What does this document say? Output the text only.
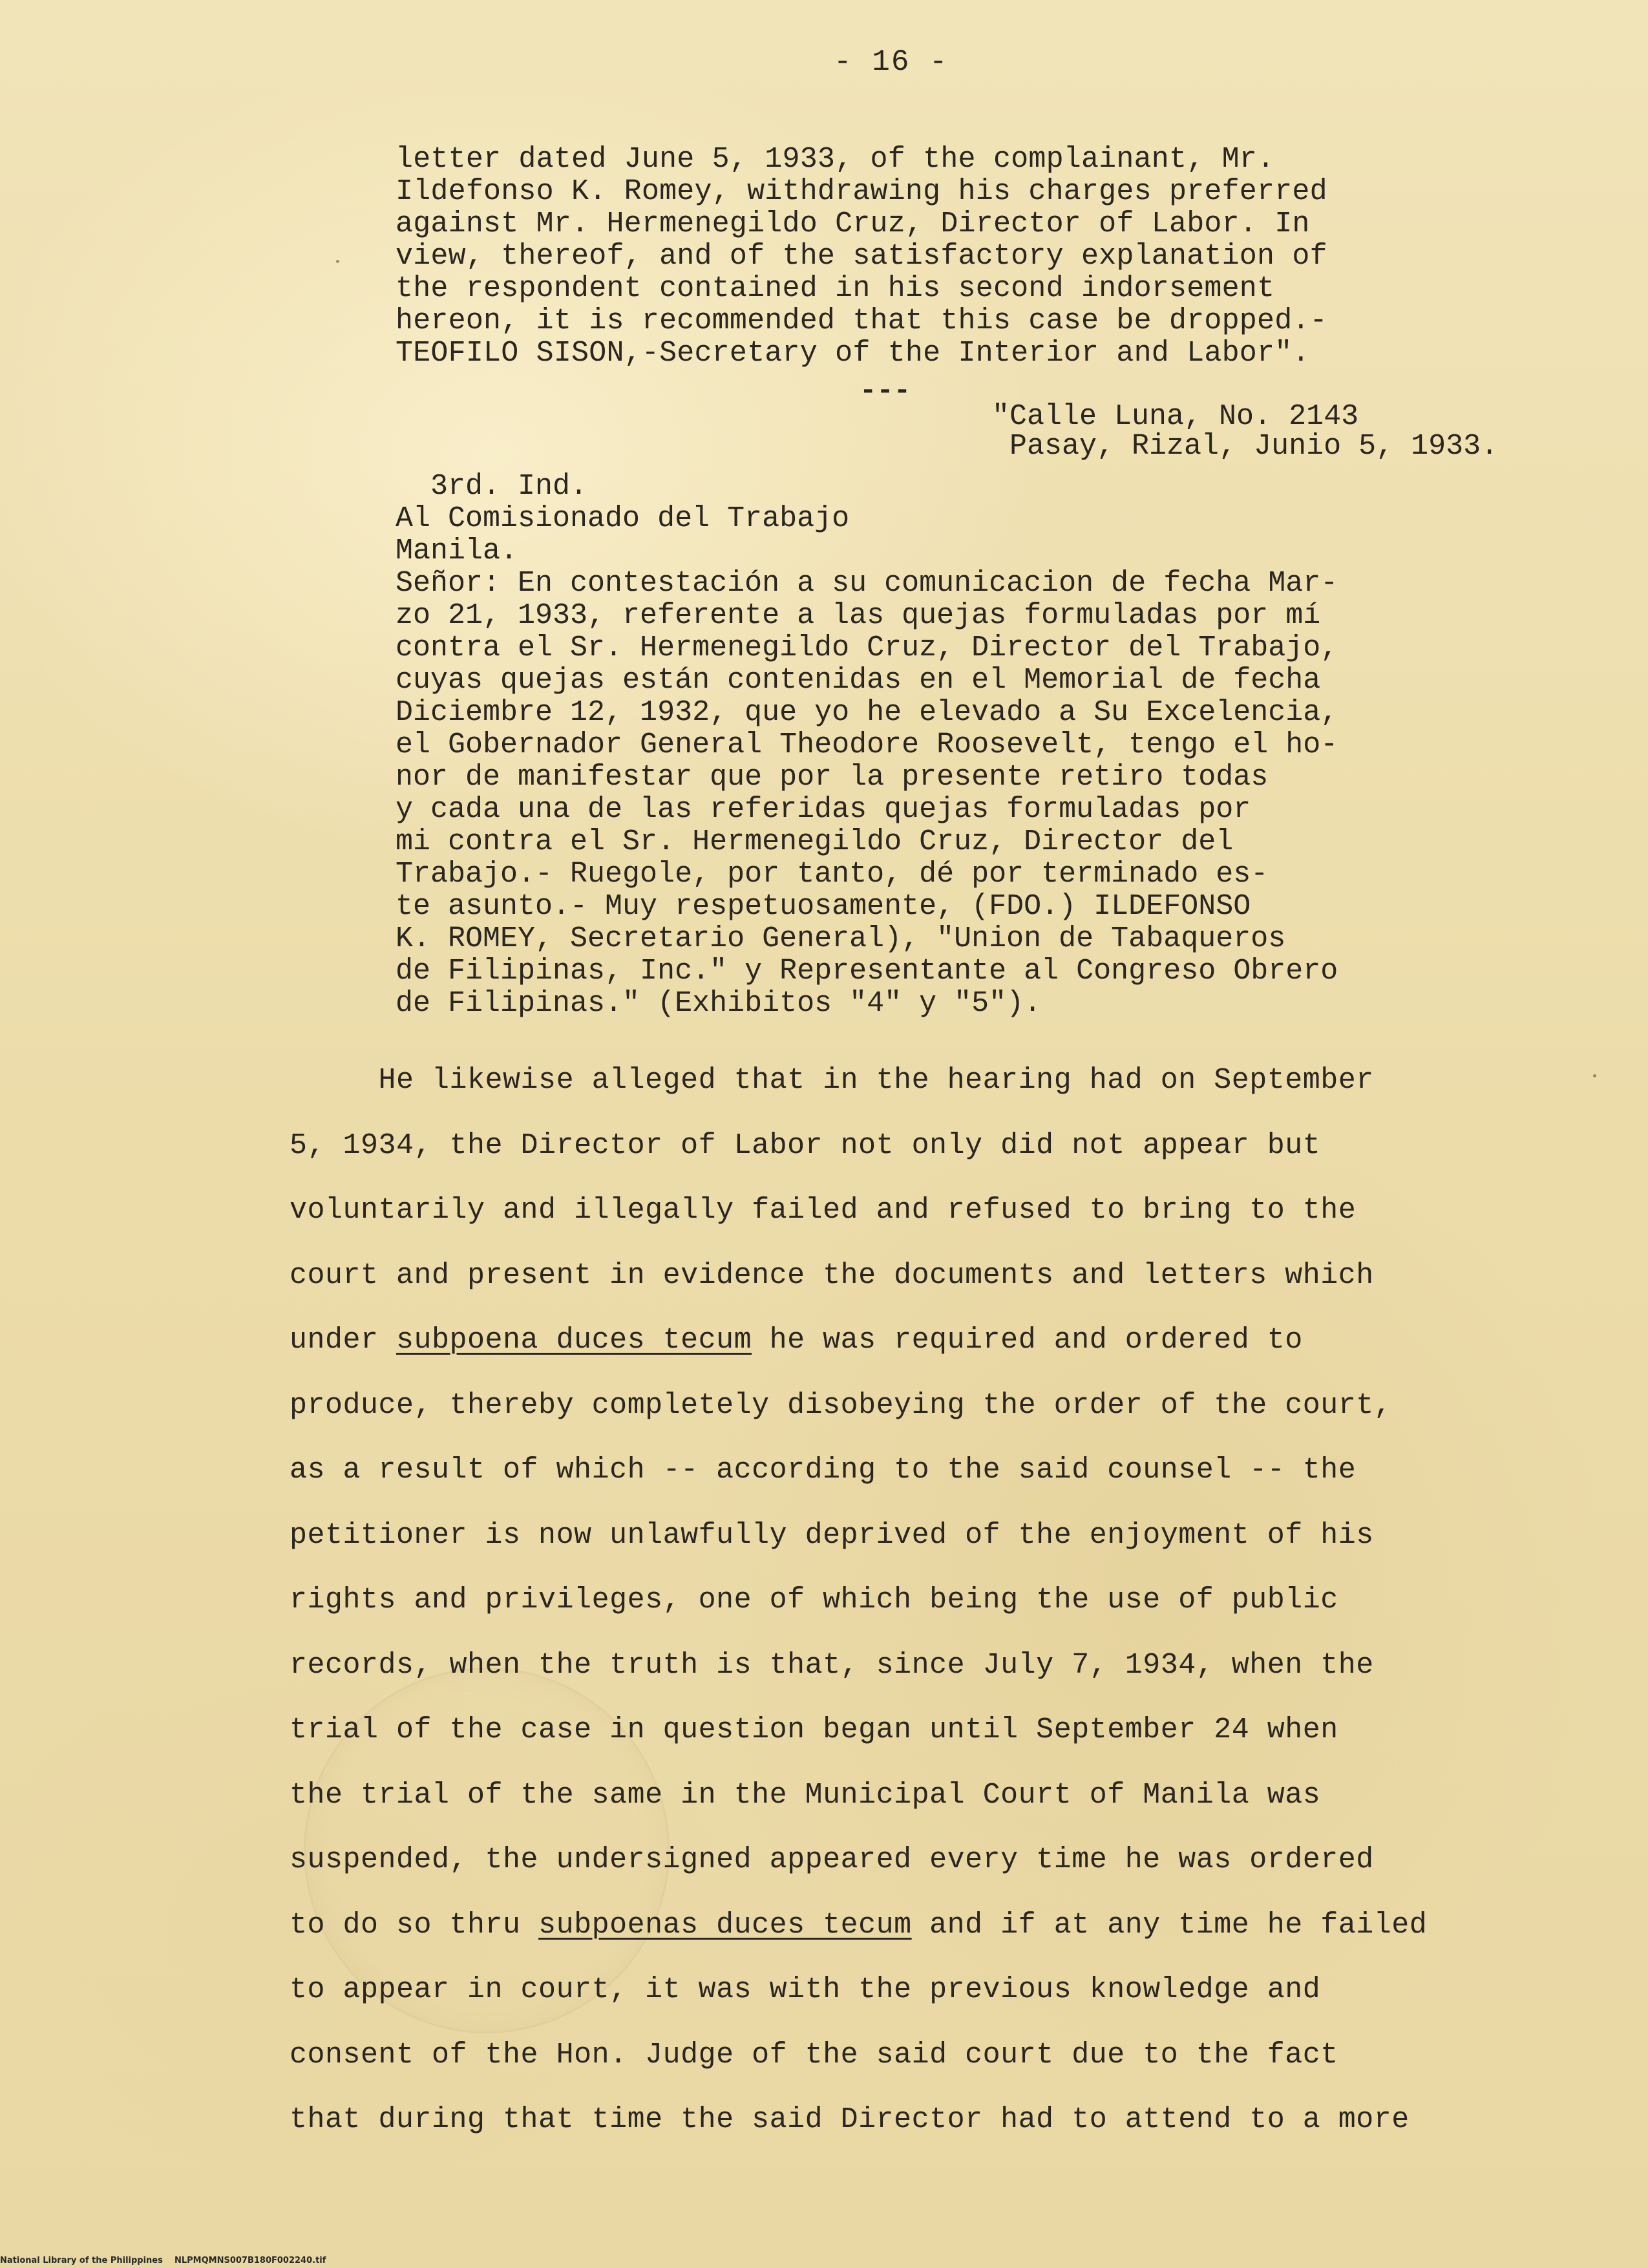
- 16 -
letter dated June 5, 1933, of the complainant, Mr.
Ildefonso K. Romey, withdrawing his charges preferred
against Mr. Hermenegildo Cruz, Director of Labor. In
view, thereof, and of the satisfactory explanation of
the respondent contained in his second indorsement
hereon, it is recommended that this case be dropped.-
TEOFILO SISON,-Secretary of the Interior and Labor".
---
"Calle Luna, No. 2143
Pasay, Rizal, Junio 5, 1933.
3rd. Ind.
Al Comisionado del Trabajo
Manila.
Señor: En contestación a su comunicacion de fecha Mar-
zo 21, 1933, referente a las quejas formuladas por mí
contra el Sr. Hermenegildo Cruz, Director del Trabajo,
cuyas quejas están contenidas en el Memorial de fecha
Diciembre 12, 1932, que yo he elevado a Su Excelencia,
el Gobernador General Theodore Roosevelt, tengo el ho-
nor de manifestar que por la presente retiro todas
y cada una de las referidas quejas formuladas por
mi contra el Sr. Hermenegildo Cruz, Director del
Trabajo.- Ruegole, por tanto, dé por terminado es-
te asunto.- Muy respetuosamente, (FDO.) ILDEFONSO
K. ROMEY, Secretario General), "Union de Tabaqueros
de Filipinas, Inc." y Representante al Congreso Obrero
de Filipinas." (Exhibitos "4" y "5").
He likewise alleged that in the hearing had on September
5, 1934, the Director of Labor not only did not appear but
voluntarily and illegally failed and refused to bring to the
court and present in evidence the documents and letters which
under subpoena duces tecum he was required and ordered to
produce, thereby completely disobeying the order of the court,
as a result of which -- according to the said counsel -- the
petitioner is now unlawfully deprived of the enjoyment of his
rights and privileges, one of which being the use of public
records, when the truth is that, since July 7, 1934, when the
trial of the case in question began until September 24 when
the trial of the same in the Municipal Court of Manila was
suspended, the undersigned appeared every time he was ordered
to do so thru subpoenas duces tecum and if at any time he failed
to appear in court, it was with the previous knowledge and
consent of the Hon. Judge of the said court due to the fact
that during that time the said Director had to attend to a more
National Library of the Philippines    NLPMQMNS007B180F002240.tif
